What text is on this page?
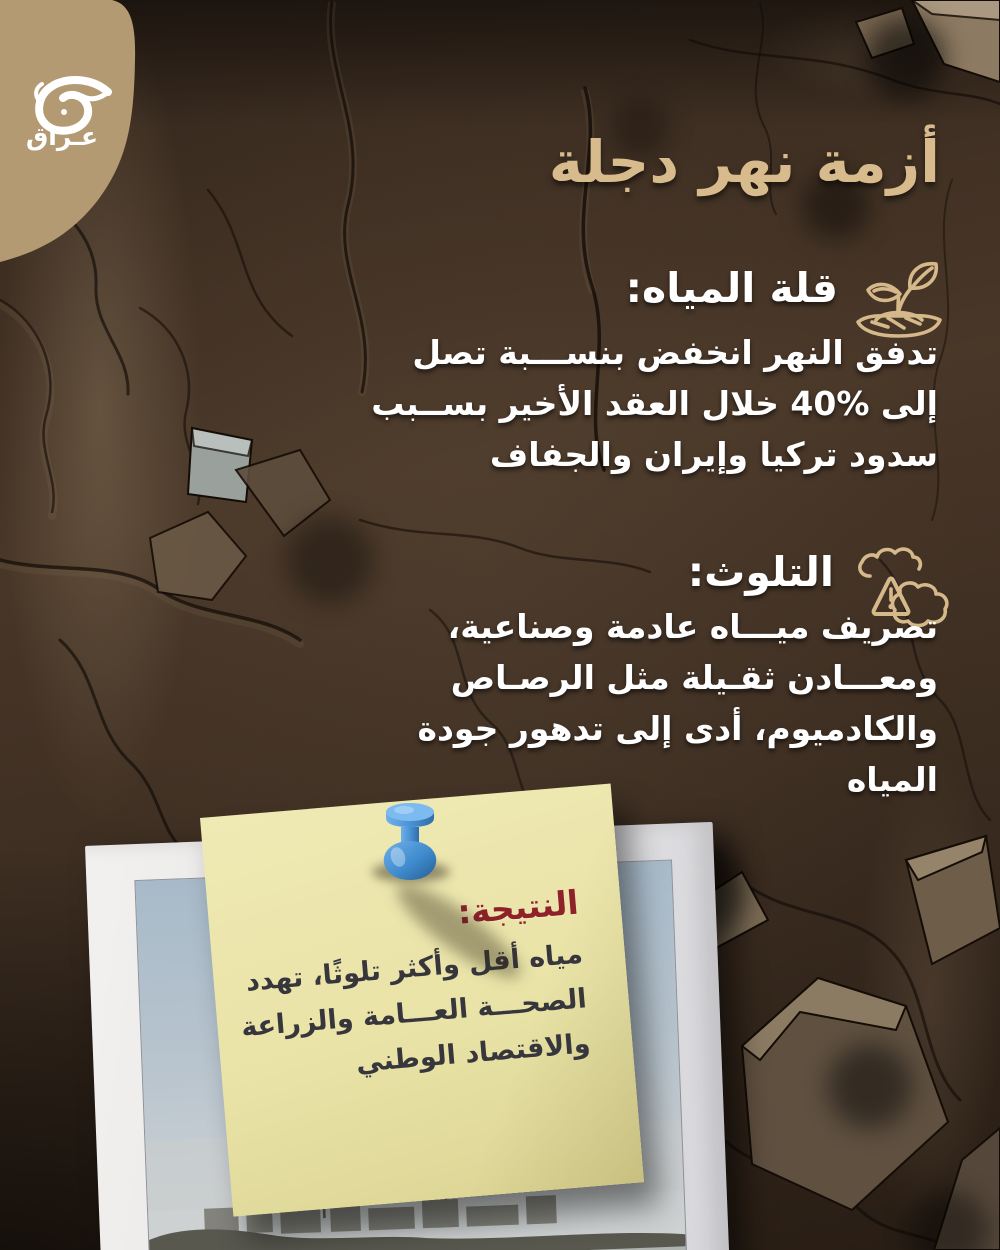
عـراق	أزمة نهر دجلة
قلة المياه:
تدفق النهر انخفض بنســـبة تصل
إلى %40 خلال العقد الأخير بســبب
سدود تركيا وإيران والجفاف
التلوث:
تصريف ميـــاه عادمة وصناعية،
ومعـــادن ثقـيلة مثل الرصـاص
والكادميوم، أدى إلى تدهور جودة
المياه
النتيجة:
مياه أقل وأكثر تلوثًا، تهدد
الصحـــة العـــامة والزراعة
والاقتصاد الوطني
